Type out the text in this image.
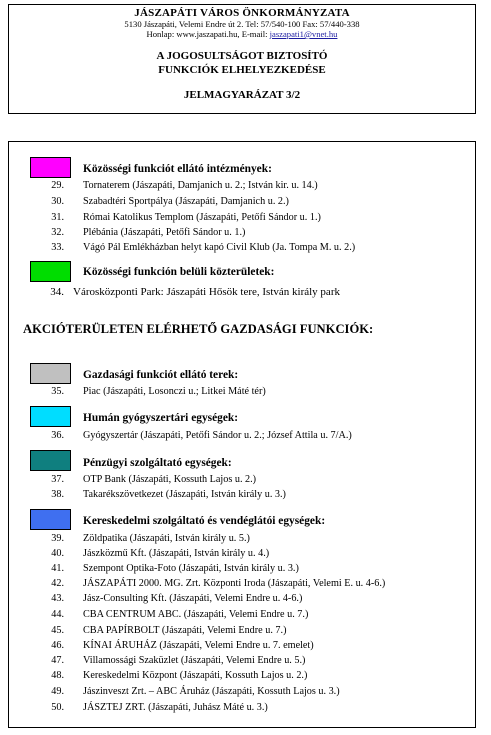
JÁSZAPÁTI VÁROS ÖNKORMÁNYZATA
5130 Jászapáti, Velemi Endre út 2. Tel: 57/540-100 Fax: 57/440-338
Honlap: www.jaszapati.hu, E-mail: jaszapati1@vnet.hu
A JOGOSULTSÁGOT BIZTOSÍTÓ
FUNKCIÓK ELHELYEZKEDÉSE
JELMAGYARÁZAT 3/2
Közösségi funkciót ellátó intézmények:
29. Tornaterem (Jászapáti, Damjanich u. 2.; István kir. u. 14.)
30. Szabadtéri Sportpálya (Jászapáti, Damjanich u. 2.)
31. Római Katolikus Templom (Jászapáti, Petőfi Sándor u. 1.)
32. Plébánia (Jászapáti, Petőfi Sándor u. 1.)
33. Vágó Pál Emlékházban helyt kapó Civil Klub (Ja. Tompa M. u. 2.)
Közösségi funkción belüli közterületek:
34. Városközponti Park: Jászapáti Hősök tere, István király park
AKCIÓTERÜLETEN ELÉRHETŐ GAZDASÁGI FUNKCIÓK:
Gazdasági funkciót ellátó terek:
35. Piac (Jászapáti, Losonczi u.; Litkei Máté tér)
Humán gyógyszertári egységek:
36. Gyógyszertár (Jászapáti, Petőfi Sándor u. 2.; József Attila u. 7/A.)
Pénzügyi szolgáltató egységek:
37. OTP Bank (Jászapáti, Kossuth Lajos u. 2.)
38. Takarékszövetkezet (Jászapáti, István király u. 3.)
Kereskedelmi szolgáltató és vendéglátói egységek:
39. Zöldpatika (Jászapáti, István király u. 5.)
40. Jászközmű Kft. (Jászapáti, István király u. 4.)
41. Szempont Optika-Foto (Jászapáti, István király u. 3.)
42. JÁSZAPÁTI 2000. MG. Zrt. Központi Iroda (Jászapáti, Velemi E. u. 4-6.)
43. Jász-Consulting Kft. (Jászapáti, Velemi Endre u. 4-6.)
44. CBA CENTRUM ABC. (Jászapáti, Velemi Endre u. 7.)
45. CBA PAPÍRBOLT (Jászapáti, Velemi Endre u. 7.)
46. KÍNAI ÁRUHÁZ (Jászapáti, Velemi Endre u. 7. emelet)
47. Villamossági Szaküzlet (Jászapáti, Velemi Endre u. 5.)
48. Kereskedelmi Központ (Jászapáti, Kossuth Lajos u. 2.)
49. Jászinveszt Zrt. – ABC Áruház (Jászapáti, Kossuth Lajos u. 3.)
50. JÁSZTEJ ZRT. (Jászapáti, Juhász Máté u. 3.)
